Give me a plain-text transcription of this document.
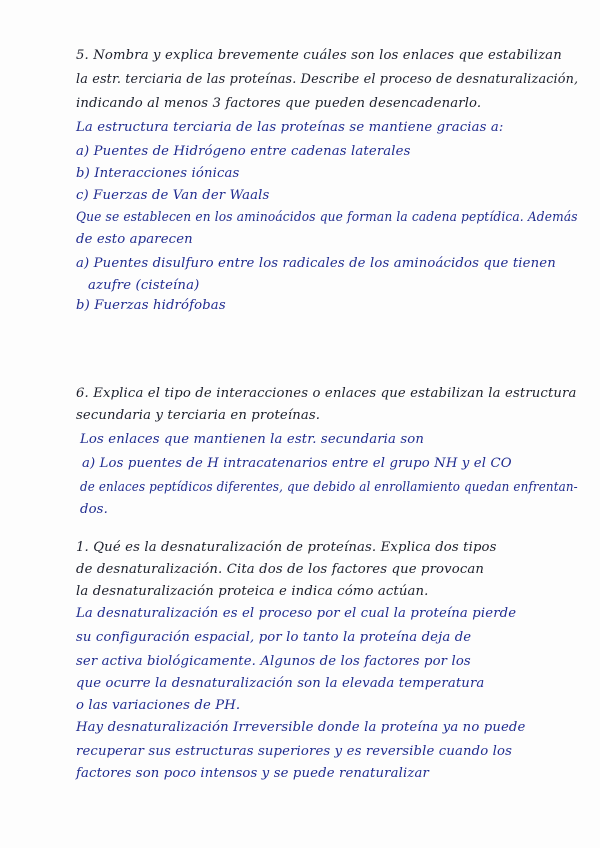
5. Nombra y explica brevemente cuáles son los enlaces que estabilizan
la estr. terciaria de las proteínas. Describe el proceso de desnaturalización,
indicando al menos 3 factores que pueden desencadenarlo.
La estructura terciaria de las proteínas se mantiene gracias a:
a) Puentes de Hidrógeno entre cadenas laterales
b) Interacciones iónicas
c) Fuerzas de Van der Waals
Que se establecen en los aminoácidos que forman la cadena peptídica. Además
de esto aparecen
a) Puentes disulfuro entre los radicales de los aminoácidos que tienen
azufre (cisteína)
b) Fuerzas hidrófobas
6. Explica el tipo de interacciones o enlaces que estabilizan la estructura
secundaria y terciaria en proteínas.
Los enlaces que mantienen la estr. secundaria son
a) Los puentes de H intracatenarios entre el grupo NH y el CO
de enlaces peptídicos diferentes, que debido al enrollamiento quedan enfrentan-
dos.
1. Qué es la desnaturalización de proteínas. Explica dos tipos
de desnaturalización. Cita dos de los factores que provocan
la desnaturalización proteica e indica cómo actúan.
La desnaturalización es el proceso por el cual la proteína pierde
su configuración espacial, por lo tanto la proteína deja de
ser activa biológicamente. Algunos de los factores por los
que ocurre la desnaturalización son la elevada temperatura
o las variaciones de PH.
Hay desnaturalización Irreversible donde la proteína ya no puede
recuperar sus estructuras superiores y es reversible cuando los
factores son poco intensos y se puede renaturalizar
